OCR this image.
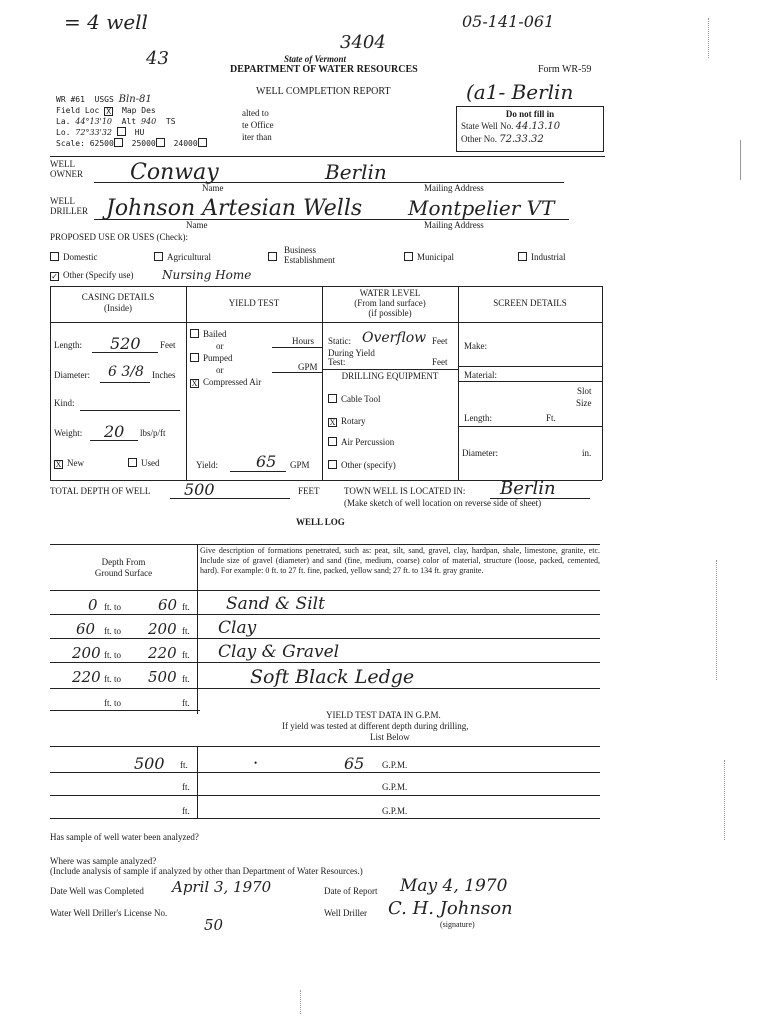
= 4 well
43
3404
05-141-061
State of Vermont
DEPARTMENT OF WATER RESOURCES	Form WR-59
WELL COMPLETION REPORT	(a1- Berlin
WR #61 USGS Bln-81
Field Loc X Map Des
La. 44°13'10 Alt 940 TS
Lo. 72°33'32	HU
Scale: 62500 25000 24000
alted to
te Office
iter than
Do not fill in
State Well No. 44.13.10
Other No. 72.33.32
WELL
OWNER Conway	Berlin
Name	Mailing Address
WELL
DRILLER Johnson Artesian Wells Montpelier VT
Name	Mailing Address
PROPOSED USE OR USES (Check):
Domestic	Agricultural
Business
Establishment	Municipal	Industrial
✓ Other (Specify use) Nursing Home
CASING DETAILS
(Inside)
Length: 520 Feet
Diameter: 6 3/8 Inches
Kind:
Weight: 20 lbs/p/ft
X New	Used
YIELD TEST
Bailed
or
Pumped
or
X Compressed Air
Hours
GPM
Yield: 65 GPM
WATER LEVEL
(From land surface)
(if possible)
Static: Overflow Feet
During Yield
Test:	Feet
DRILLING EQUIPMENT
Cable Tool
X Rotary
Air Percussion
Other (specify)
SCREEN DETAILS
Make:
Material:
Slot
Size
Length:	Ft.
Diameter:	in.
TOTAL DEPTH OF WELL 500	FEET	TOWN WELL IS LOCATED IN: Berlin
(Make sketch of well location on reverse side of sheet)
WELL LOG
Depth From
Ground Surface
Give description of formations penetrated, such as: peat, silt, sand, gravel, clay, hardpan, shale, limestone, granite, etc. Include size of gravel (diameter) and sand (fine, medium, coarse) color of material, structure (loose, packed, cemented, hard). For example: 0 ft. to 27 ft. fine, packed, yellow sand; 27 ft. to 134 ft. gray granite.
0 ft. to 60 ft. Sand & Silt
60 ft. to 200 ft. Clay
200 ft. to 220 ft. Clay & Gravel
220 ft. to 500 ft.	Soft Black Ledge
ft. to	ft.
YIELD TEST DATA IN G.P.M.
If yield was tested at different depth during drilling,
List Below
500 ft.	•	65 G.P.M.
ft.	G.P.M.
ft.	G.P.M.
Has sample of well water been analyzed?
Where was sample analyzed?
(Include analysis of sample if analyzed by other than Department of Water Resources.)
Date Well was Completed April 3, 1970	Date of Report May 4, 1970
Water Well Driller's License No.
50
Well Driller C. H. Johnson
(signature)
